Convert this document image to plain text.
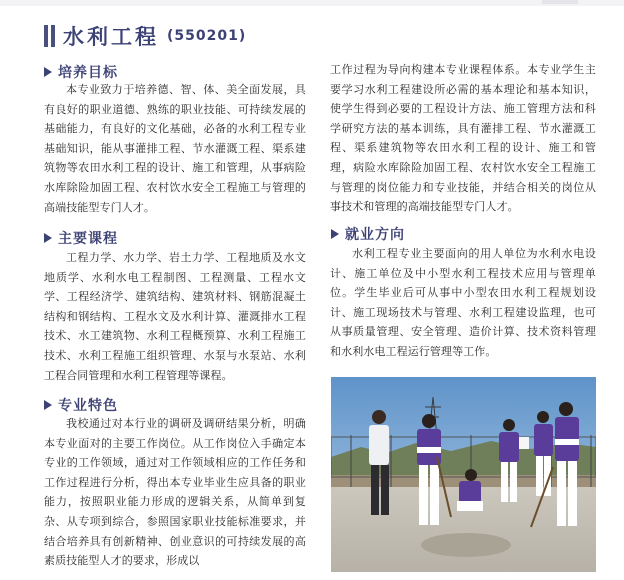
水利工程 (550201)
培养目标

本专业致力于培养德、智、体、美全面发展，具有良好的职业道德、熟练的职业技能、可持续发展的基础能力，有良好的文化基础，必备的水利工程专业基础知识，能从事灌排工程、节水灌溉工程、渠系建筑物等农田水利工程的设计、施工和管理，从事病险水库除险加固工程、农村饮水安全工程施工与管理的高端技能型专门人才。

主要课程

工程力学、水力学、岩土力学、工程地质及水文地质学、水利水电工程制图、工程测量、工程水文学、工程经济学、建筑结构、建筑材料、钢筋混凝土结构和钢结构、工程水文及水利计算、灌溉排水工程技术、水工建筑物、水利工程概预算、水利工程施工技术、水利工程施工组织管理、水泵与水泵站、水利工程合同管理和水利工程管理等课程。

专业特色

我校通过对本行业的调研及调研结果分析，明确本专业面对的主要工作岗位。从工作岗位入手确定本专业的工作领域，通过对工作领域相应的工作任务和工作过程进行分析，得出本专业毕业生应具备的职业能力，按照职业能力形成的逻辑关系，从简单到复杂、从专项到综合，参照国家职业技能标准要求，并结合培养具有创新精神、创业意识的可持续发展的高素质技能型人才的要求，形成以

工作过程为导向构建本专业课程体系。本专业学生主要学习水利工程建设所必需的基本理论和基本知识，使学生得到必要的工程设计方法、施工管理方法和科学研究方法的基本训练，具有灌排工程、节水灌溉工程、渠系建筑物等农田水利工程的设计、施工和管理，病险水库除险加固工程、农村饮水安全工程施工与管理的岗位能力和专业技能，并结合相关的岗位从事技术和管理的高端技能型专门人才。

就业方向

水利工程专业主要面向的用人单位为水利水电设计、施工单位及中小型水利工程技术应用与管理单位。学生毕业后可从事中小型农田水利工程规划设计、施工现场技术与管理、水利工程建设监理，也可从事质量管理、安全管理、造价计算、技术资料管理和水利水电工程运行管理等工作。
